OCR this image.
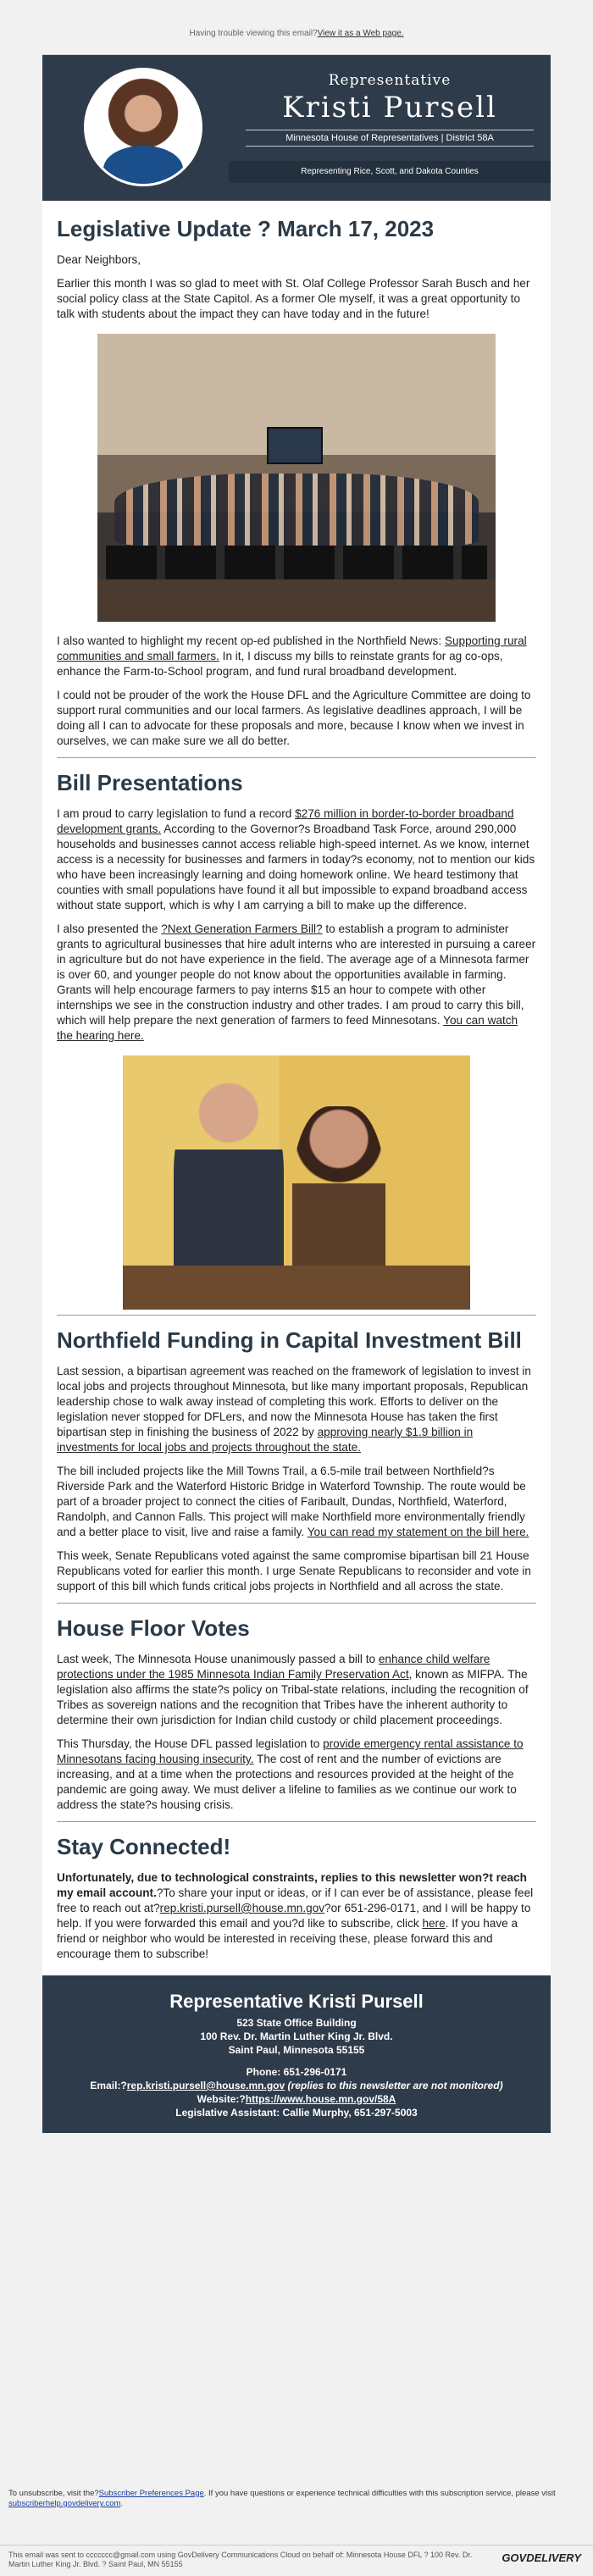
Having trouble viewing this email?View it as a Web page.
Representative
Kristi Pursell
Minnesota House of Representatives | District 58A
Representing Rice, Scott, and Dakota Counties
Legislative Update ? March 17, 2023

Dear Neighbors,

Earlier this month I was so glad to meet with St. Olaf College Professor Sarah Busch and her social policy class at the State Capitol. As a former Ole myself, it was a great opportunity to talk with students about the impact they can have today and in the future!

I also wanted to highlight my recent op-ed published in the Northfield News: Supporting rural communities and small farmers. In it, I discuss my bills to reinstate grants for ag co-ops, enhance the Farm-to-School program, and fund rural broadband development.

I could not be prouder of the work the House DFL and the Agriculture Committee are doing to support rural communities and our local farmers. As legislative deadlines approach, I will be doing all I can to advocate for these proposals and more, because I know when we invest in ourselves, we can make sure we all do better.

Bill Presentations

I am proud to carry legislation to fund a record $276 million in border-to-border broadband development grants. According to the Governor?s Broadband Task Force, around 290,000 households and businesses cannot access reliable high-speed internet. As we know, internet access is a necessity for businesses and farmers in today?s economy, not to mention our kids who have been increasingly learning and doing homework online. We heard testimony that counties with small populations have found it all but impossible to expand broadband access without state support, which is why I am carrying a bill to make up the difference.

I also presented the ?Next Generation Farmers Bill? to establish a program to administer grants to agricultural businesses that hire adult interns who are interested in pursuing a career in agriculture but do not have experience in the field. The average age of a Minnesota farmer is over 60, and younger people do not know about the opportunities available in farming. Grants will help encourage farmers to pay interns $15 an hour to compete with other internships we see in the construction industry and other trades. I am proud to carry this bill, which will help prepare the next generation of farmers to feed Minnesotans. You can watch the hearing here.

Northfield Funding in Capital Investment Bill

Last session, a bipartisan agreement was reached on the framework of legislation to invest in local jobs and projects throughout Minnesota, but like many important proposals, Republican leadership chose to walk away instead of completing this work. Efforts to deliver on the legislation never stopped for DFLers, and now the Minnesota House has taken the first bipartisan step in finishing the business of 2022 by approving nearly $1.9 billion in investments for local jobs and projects throughout the state.

The bill included projects like the Mill Towns Trail, a 6.5-mile trail between Northfield?s Riverside Park and the Waterford Historic Bridge in Waterford Township. The route would be part of a broader project to connect the cities of Faribault, Dundas, Northfield, Waterford, Randolph, and Cannon Falls. This project will make Northfield more environmentally friendly and a better place to visit, live and raise a family. You can read my statement on the bill here.

This week, Senate Republicans voted against the same compromise bipartisan bill 21 House Republicans voted for earlier this month. I urge Senate Republicans to reconsider and vote in support of this bill which funds critical jobs projects in Northfield and all across the state.

House Floor Votes

Last week, The Minnesota House unanimously passed a bill to enhance child welfare protections under the 1985 Minnesota Indian Family Preservation Act, known as MIFPA. The legislation also affirms the state?s policy on Tribal-state relations, including the recognition of Tribes as sovereign nations and the recognition that Tribes have the inherent authority to determine their own jurisdiction for Indian child custody or child placement proceedings.

This Thursday, the House DFL passed legislation to provide emergency rental assistance to Minnesotans facing housing insecurity. The cost of rent and the number of evictions are increasing, and at a time when the protections and resources provided at the height of the pandemic are going away. We must deliver a lifeline to families as we continue our work to address the state?s housing crisis.

Stay Connected!

Unfortunately, due to technological constraints, replies to this newsletter won?t reach my email account.?To share your input or ideas, or if I can ever be of assistance, please feel free to reach out at?rep.kristi.pursell@house.mn.gov?or 651-296-0171, and I will be happy to help. If you were forwarded this email and you?d like to subscribe, click here. If you have a friend or neighbor who would be interested in receiving these, please forward this and encourage them to subscribe!

Representative Kristi Pursell
523 State Office Building
100 Rev. Dr. Martin Luther King Jr. Blvd.
Saint Paul, Minnesota 55155
Phone: 651-296-0171
Email:?rep.kristi.pursell@house.mn.gov (replies to this newsletter are not monitored)
Website:?https://www.house.mn.gov/58A
Legislative Assistant: Callie Murphy, 651-297-5003
To unsubscribe, visit the?Subscriber Preferences Page. If you have questions or experience technical difficulties with this subscription service, please visit subscriberhelp.govdelivery.com.
This email was sent to ccccccc@gmail.com using GovDelivery Communications Cloud on behalf of: Minnesota House DFL ? 100 Rev. Dr. Martin Luther King Jr. Blvd. ? Saint Paul, MN 55155	GOVDELIVERY
